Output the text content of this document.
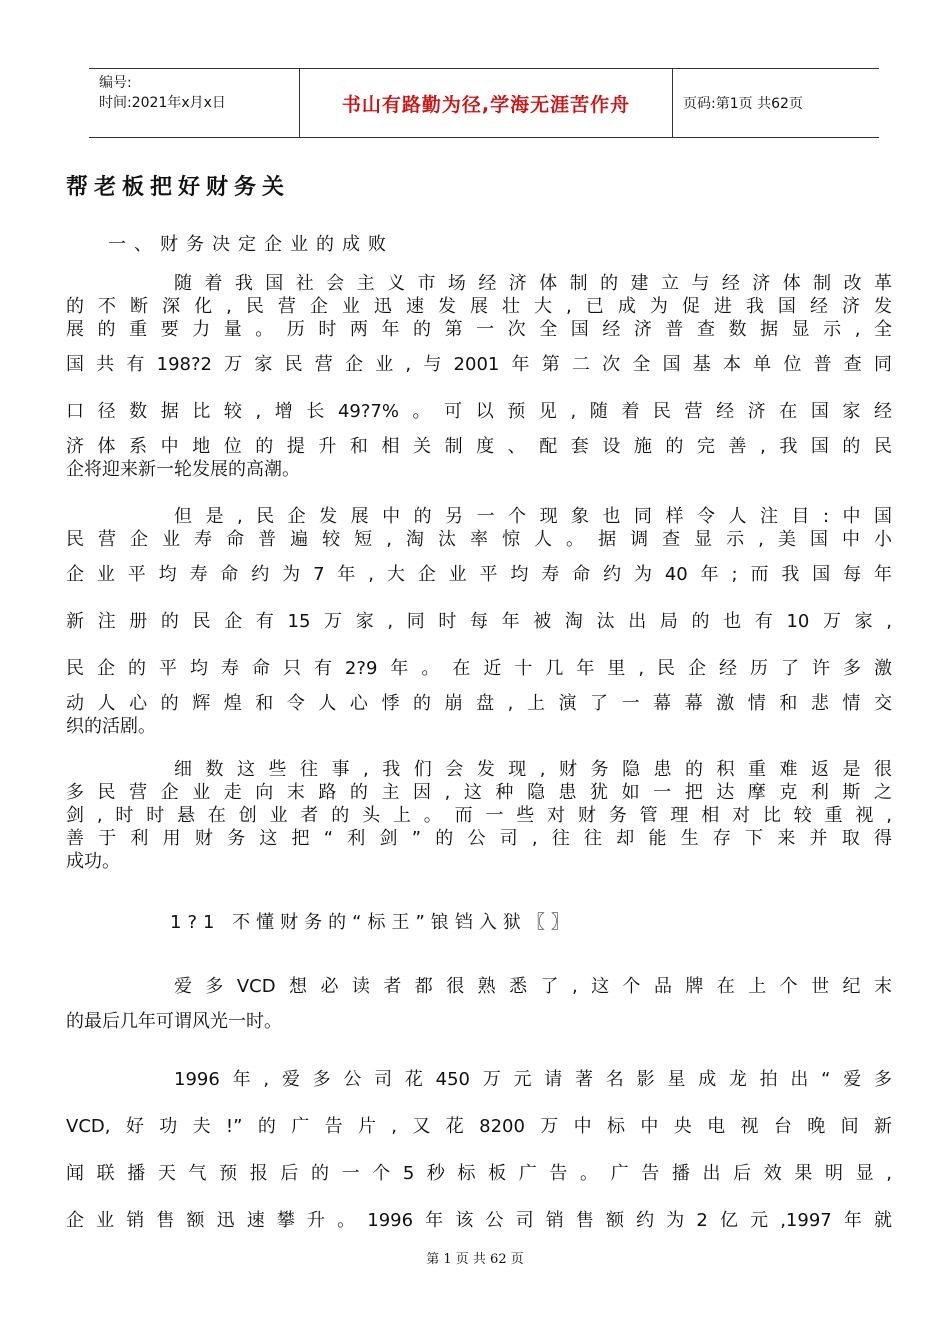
编号:
时间:2021年x月x日	书山有路勤为径,学海无涯苦作舟	页码:第1页 共62页
帮老板把好财务关
一、财务决定企业的成败
随着我国社会主义市场经济体制的建立与经济体制改革
的不断深化,民营企业迅速发展壮大,已成为促进我国经济发
展的重要力量。历时两年的第一次全国经济普查数据显示,全
国共有198?2万家民营企业,与2001年第二次全国基本单位普查同
口径数据比较,增长49?7%。可以预见,随着民营经济在国家经
济体系中地位的提升和相关制度、配套设施的完善,我国的民
企将迎来新一轮发展的高潮。
但是,民企发展中的另一个现象也同样令人注目:中国
民营企业寿命普遍较短,淘汰率惊人。据调查显示,美国中小
企业平均寿命约为7年,大企业平均寿命约为40年;而我国每年
新注册的民企有15万家,同时每年被淘汰出局的也有10万家,
民企的平均寿命只有2?9年。在近十几年里,民企经历了许多激
动人心的辉煌和令人心悸的崩盘,上演了一幕幕激情和悲情交
织的活剧。
细数这些往事,我们会发现,财务隐患的积重难返是很
多民营企业走向末路的主因,这种隐患犹如一把达摩克利斯之
剑,时时悬在创业者的头上。而一些对财务管理相对比较重视,
善于利用财务这把“利剑”的公司,往往却能生存下来并取得
成功。
1?1 不懂财务的“标王”锒铛入狱〖〗
爱多VCD想必读者都很熟悉了,这个品牌在上个世纪末
的最后几年可谓风光一时。
1996年,爱多公司花450万元请著名影星成龙拍出“爱多
VCD,好功夫!”的广告片,又花8200万中标中央电视台晚间新
闻联播天气预报后的一个5秒标板广告。广告播出后效果明显,
企业销售额迅速攀升。1996年该公司销售额约为2亿元,1997年就
第 1 页 共 62 页
